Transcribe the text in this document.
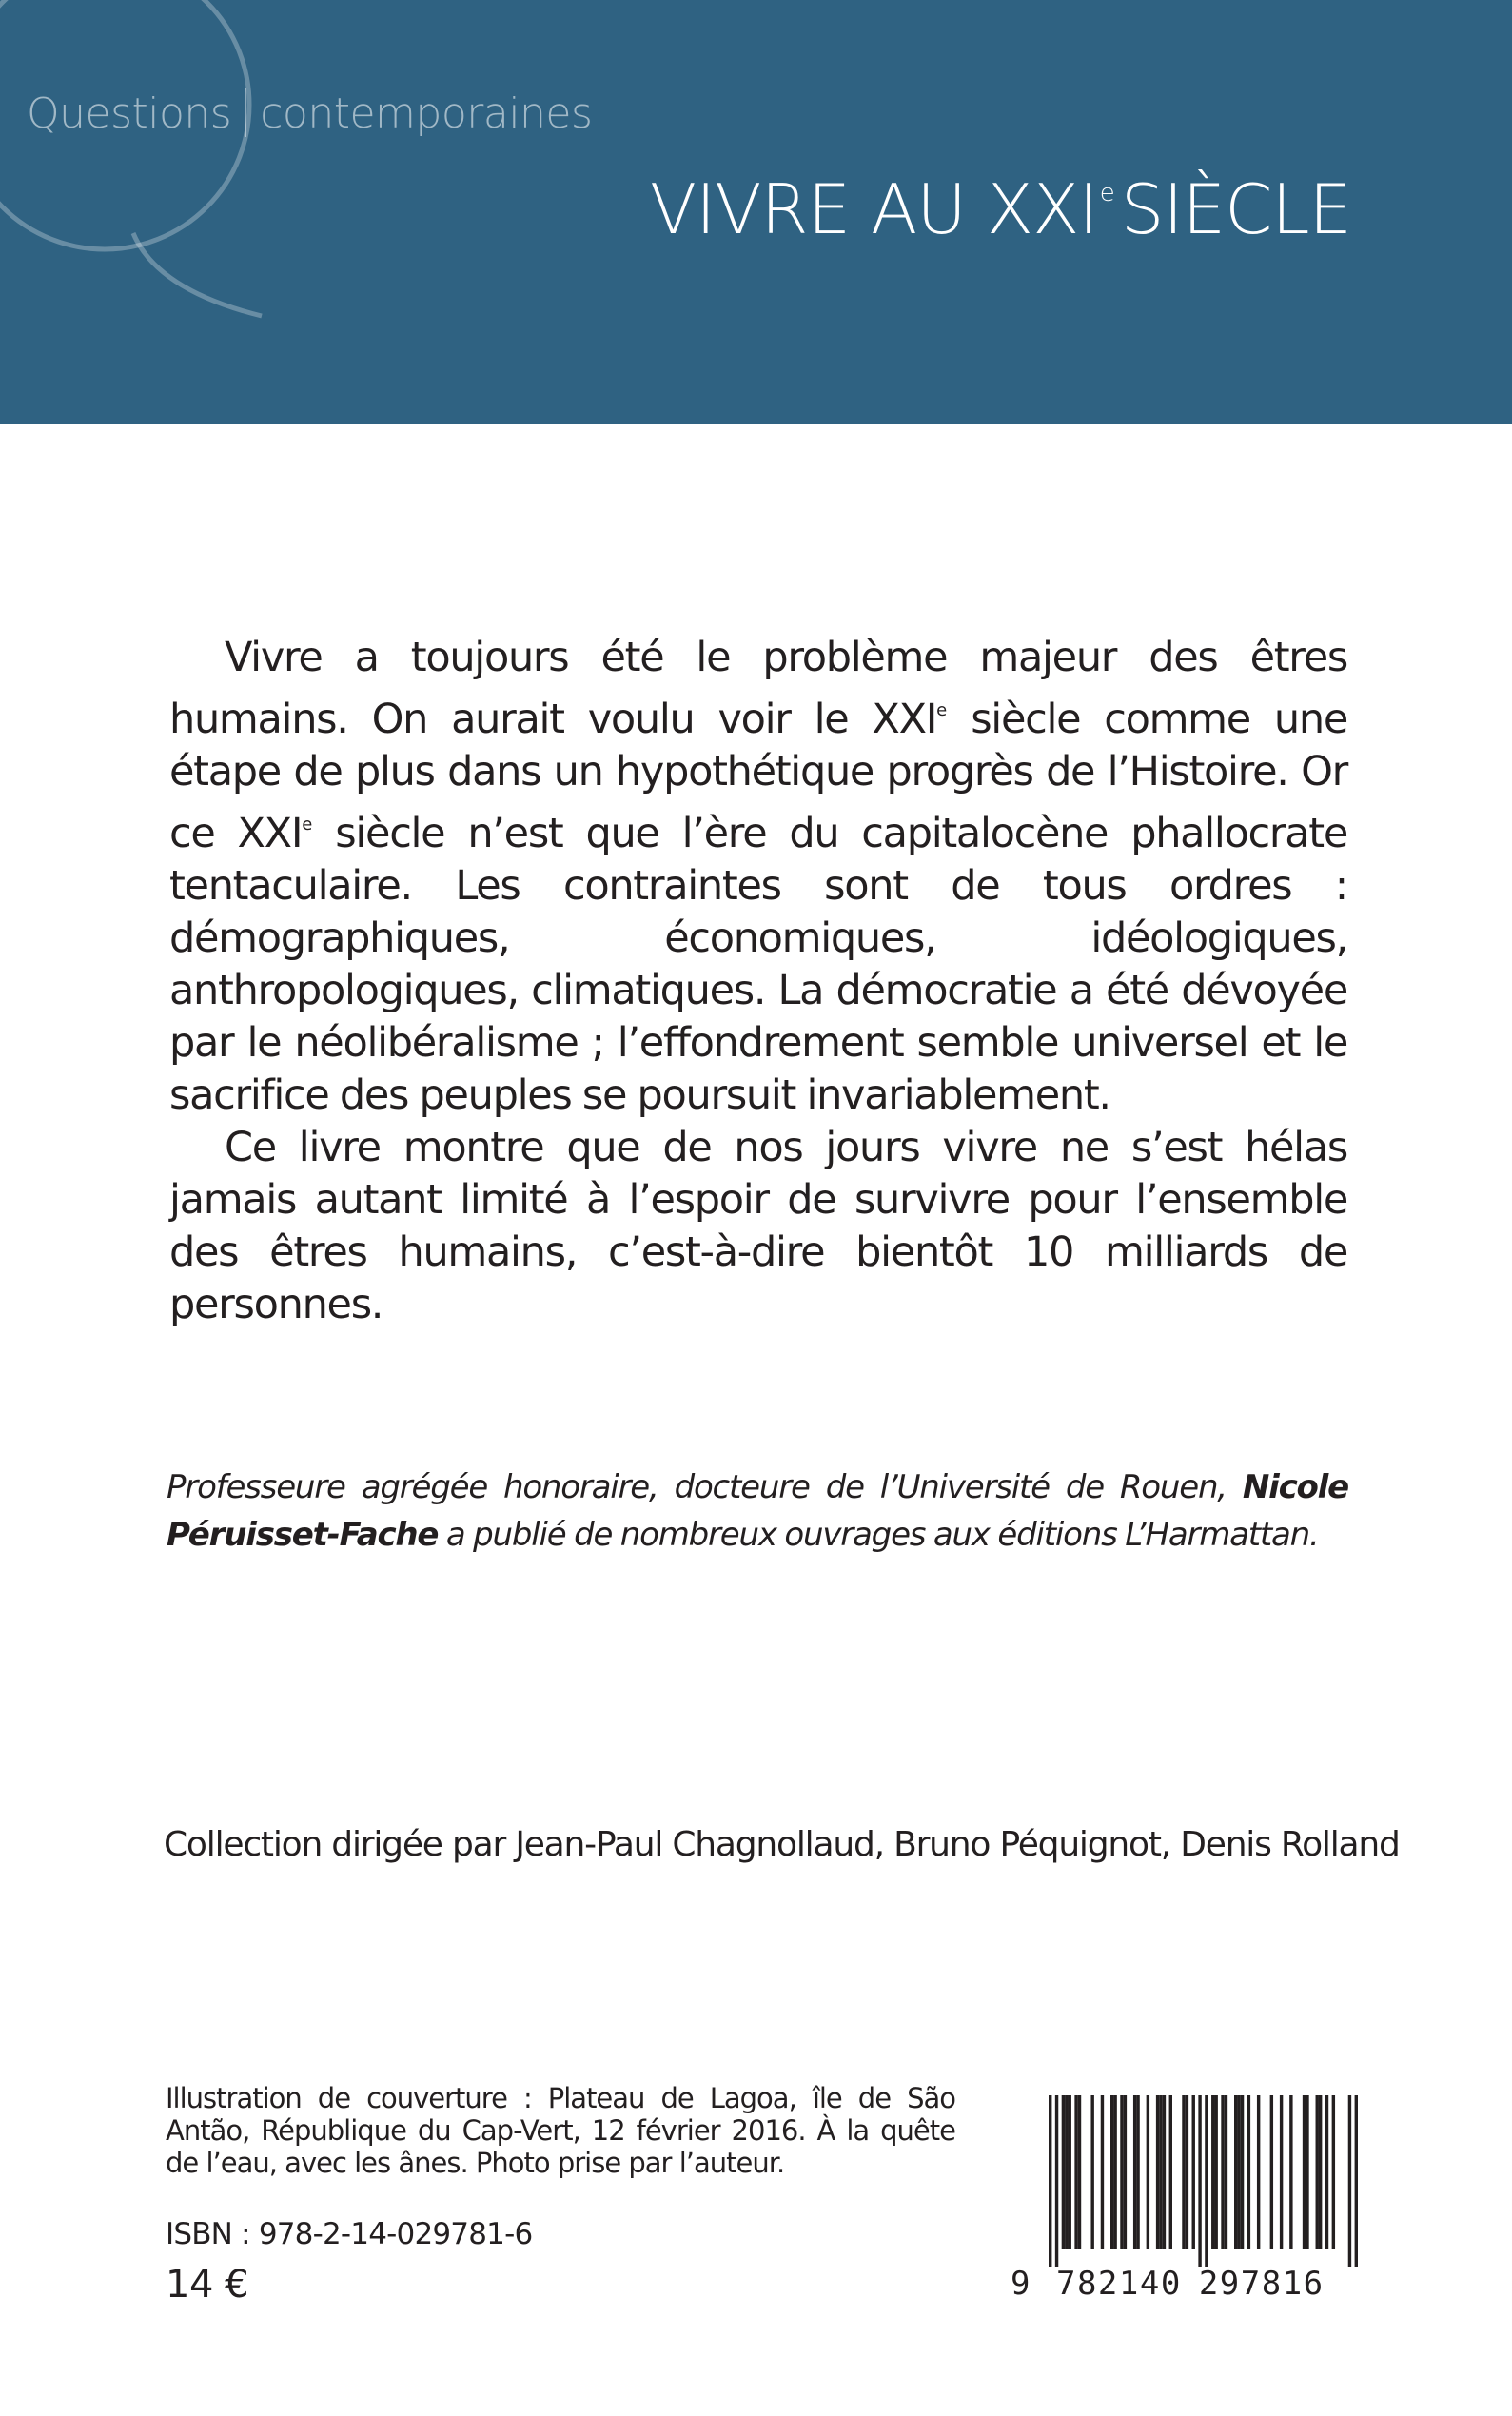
Questions contemporaines
VIVRE AU XXIeSIÈCLE

Vivre a toujours été le problème majeur des êtres humains. On aurait voulu voir le XXIe siècle comme une étape de plus dans un hypothétique progrès de l’Histoire. Or ce XXIe siècle n’est que l’ère du capitalocène phallocrate tentaculaire. Les contraintes sont de tous ordres : démographiques, économiques, idéologiques, anthropologiques, climatiques. La démocratie a été dévoyée par le néolibéralisme ; l’effondrement semble universel et le sacrifice des peuples se poursuit invariablement.

Ce livre montre que de nos jours vivre ne s’est hélas jamais autant limité à l’espoir de survivre pour l’ensemble des êtres humains, c’est-à-dire bientôt 10 milliards de personnes.

Professeure agrégée honoraire, docteure de l’Université de Rouen, Nicole Péruisset-Fache a publié de nombreux ouvrages aux éditions L’Harmattan.
Collection dirigée par Jean-Paul Chagnollaud, Bruno Péquignot, Denis Rolland
Illustration de couverture : Plateau de Lagoa, île de São Antão, République du Cap-Vert, 12 février 2016. À la quête de l’eau, avec les ânes. Photo prise par l’auteur.
ISBN : 978-2-14-029781-6
14 €	9 782140 297816
